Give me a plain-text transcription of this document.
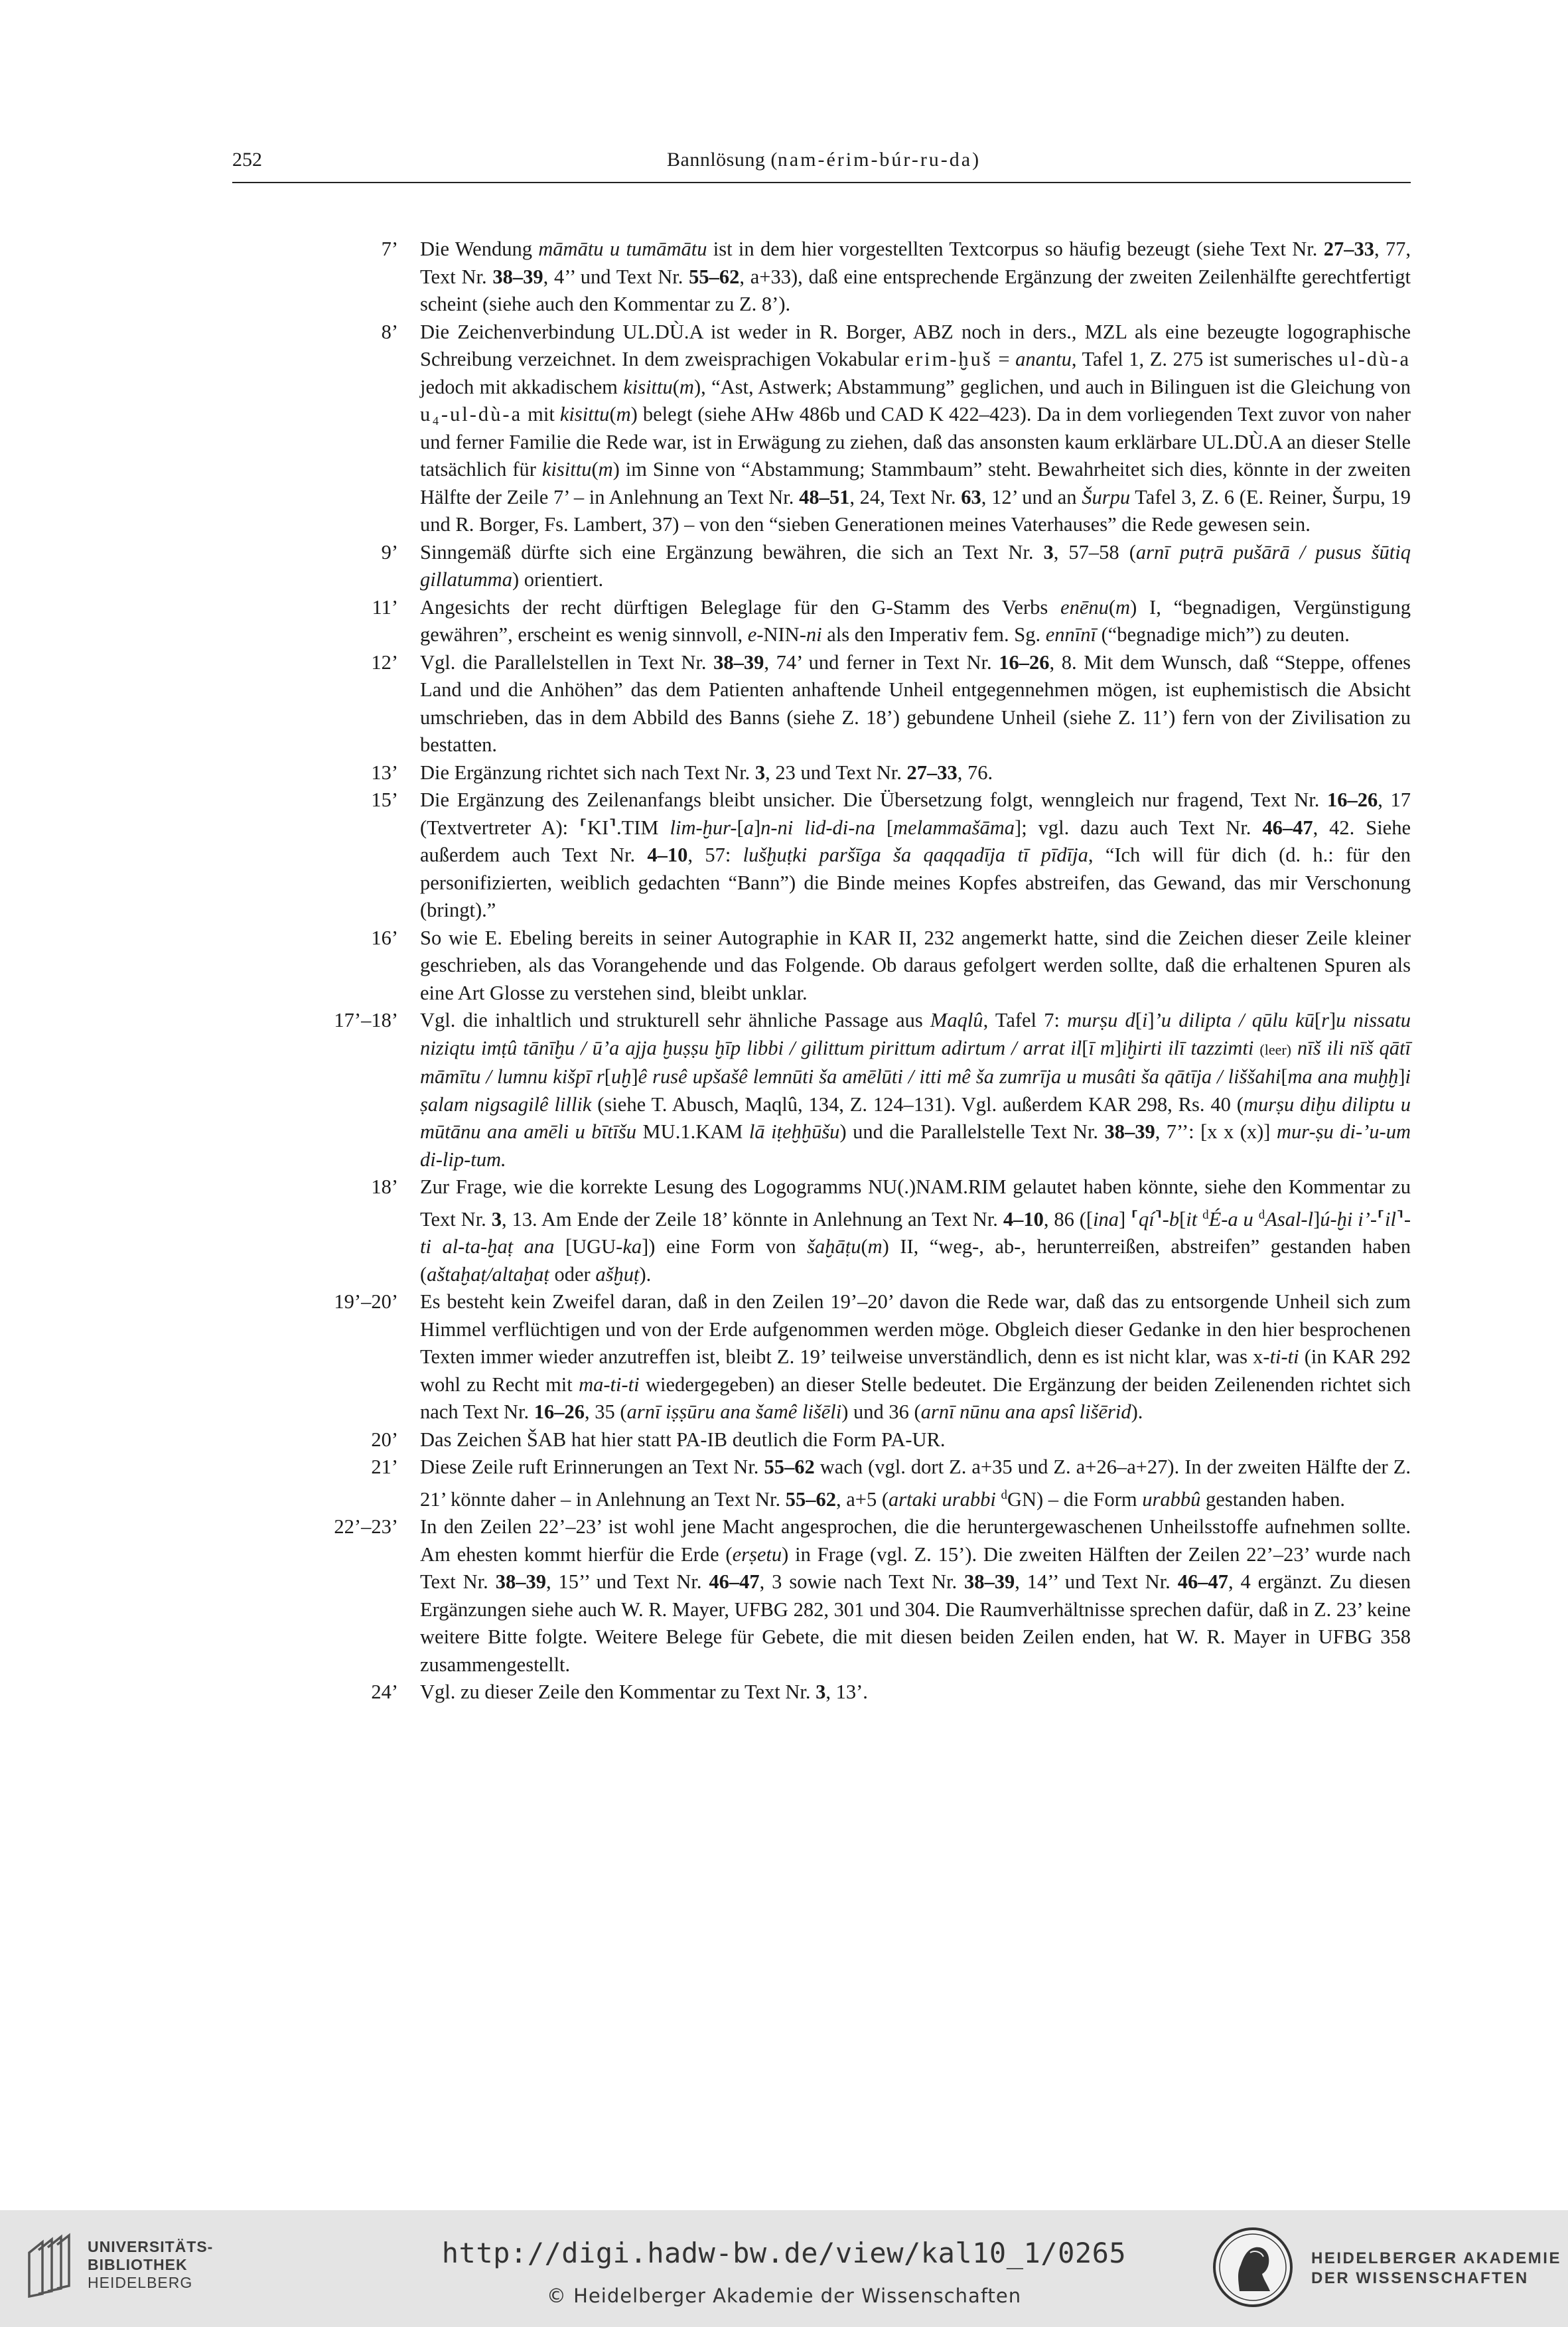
252	Bannlösung (nam-érim-búr-ru-da)
7’ Die Wendung māmātu u tumāmātu ist in dem hier vorgestellten Textcorpus so häufig bezeugt (siehe Text Nr. 27–33, 77, Text Nr. 38–39, 4’’ und Text Nr. 55–62, a+33), daß eine entsprechende Ergänzung der zweiten Zeilenhälfte gerechtfertigt scheint (siehe auch den Kommentar zu Z. 8’).
8’ Die Zeichenverbindung UL.DÙ.A ist weder in R. Borger, ABZ noch in ders., MZL als eine bezeugte logographische Schreibung verzeichnet. In dem zweisprachigen Vokabular erim-ḫuš = anantu, Tafel 1, Z. 275 ist sumerisches ul-dù-a jedoch mit akkadischem kisittu(m), “Ast, Astwerk; Abstammung” geglichen, und auch in Bilinguen ist die Gleichung von u₄-ul-dù-a mit kisittu(m) belegt (siehe AHw 486b und CAD K 422–423). Da in dem vorliegenden Text zuvor von naher und ferner Familie die Rede war, ist in Erwägung zu ziehen, daß das ansonsten kaum erklärbare UL.DÙ.A an dieser Stelle tatsächlich für kisittu(m) im Sinne von “Abstammung; Stammbaum” steht. Bewahrheitet sich dies, könnte in der zweiten Hälfte der Zeile 7’ – in Anlehnung an Text Nr. 48–51, 24, Text Nr. 63, 12’ und an Šurpu Tafel 3, Z. 6 (E. Reiner, Šurpu, 19 und R. Borger, Fs. Lambert, 37) – von den “sieben Generationen meines Vaterhauses” die Rede gewesen sein.
9’ Sinngemäß dürfte sich eine Ergänzung bewähren, die sich an Text Nr. 3, 57–58 (arnī puṭrā pušārā / pusus šūtiq gillatumma) orientiert.
11’ Angesichts der recht dürftigen Beleglage für den G-Stamm des Verbs enēnu(m) I, “begnadigen, Vergünstigung gewähren”, erscheint es wenig sinnvoll, e-NIN-ni als den Imperativ fem. Sg. ennīnī (“begnadige mich”) zu deuten.
12’ Vgl. die Parallelstellen in Text Nr. 38–39, 74’ und ferner in Text Nr. 16–26, 8. Mit dem Wunsch, daß “Steppe, offenes Land und die Anhöhen” das dem Patienten anhaftende Unheil entgegennehmen mögen, ist euphemistisch die Absicht umschrieben, das in dem Abbild des Banns (siehe Z. 18’) gebundene Unheil (siehe Z. 11’) fern von der Zivilisation zu bestatten.
13’ Die Ergänzung richtet sich nach Text Nr. 3, 23 und Text Nr. 27–33, 76.
15’ Die Ergänzung des Zeilenanfangs bleibt unsicher. Die Übersetzung folgt, wenngleich nur fragend, Text Nr. 16–26, 17 (Textvertreter A): ⸢KI⸣.TIM lim-ḫur-[a]n-ni lid-di-na [melammašāma]; vgl. dazu auch Text Nr. 46–47, 42. Siehe außerdem auch Text Nr. 4–10, 57: lušḫuṭki paršīga ša qaqqadīja tī pīdīja, “Ich will für dich (d. h.: für den personifizierten, weiblich gedachten “Bann”) die Binde meines Kopfes abstreifen, das Gewand, das mir Verschonung (bringt).”
16’ So wie E. Ebeling bereits in seiner Autographie in KAR II, 232 angemerkt hatte, sind die Zeichen dieser Zeile kleiner geschrieben, als das Vorangehende und das Folgende. Ob daraus gefolgert werden sollte, daß die erhaltenen Spuren als eine Art Glosse zu verstehen sind, bleibt unklar.
17’–18’ Vgl. die inhaltlich und strukturell sehr ähnliche Passage aus Maqlû, Tafel 7: murṣu d[i]’u dilipta / qūlu kū[r]u nissatu niziqtu imṭû tānīḫu / ū’a ajja ḫuṣṣu ḫīp libbi / gilittum pirittum adirtum / arrat il[ī m]iḫirti ilī tazzimti (leer) nīš ili nīš qātī māmītu / lumnu kišpī r[uḫ]ê rusê upšašê lemnūti ša amēlūti / itti mê ša zumrīja u musâti ša qātīja / liššahi[ma ana muḫḫ]i ṣalam nigsagilê lillik (siehe T. Abusch, Maqlû, 134, Z. 124–131). Vgl. außerdem KAR 298, Rs. 40 (murṣu diḫu diliptu u mūtānu ana amēli u bītīšu MU.1.KAM lā iṭeḫḫūšu) und die Parallelstelle Text Nr. 38–39, 7’’: [x x (x)] mur-ṣu di-’u-um di-lip-tum.
18’ Zur Frage, wie die korrekte Lesung des Logogramms NU(.)NAM.RIM gelautet haben könnte, siehe den Kommentar zu Text Nr. 3, 13. Am Ende der Zeile 18’ könnte in Anlehnung an Text Nr. 4–10, 86 ([ina] ⸢qí⸣-b[it $^d$É-a u $^d$Asal-l]ú-ḫi i’-⸢il⸣-ti al-ta-ḫaṭ ana [UGU-ka]) eine Form von šaḫāṭu(m) II, “weg-, ab-, herunterreißen, abstreifen” gestanden haben (aštaḫaṭ/altaḫaṭ oder ašḫuṭ).
19’–20’ Es besteht kein Zweifel daran, daß in den Zeilen 19’–20’ davon die Rede war, daß das zu entsorgende Unheil sich zum Himmel verflüchtigen und von der Erde aufgenommen werden möge. Obgleich dieser Gedanke in den hier besprochenen Texten immer wieder anzutreffen ist, bleibt Z. 19’ teilweise unverständlich, denn es ist nicht klar, was x-ti-ti (in KAR 292 wohl zu Recht mit ma-ti-ti wiedergegeben) an dieser Stelle bedeutet. Die Ergänzung der beiden Zeilenenden richtet sich nach Text Nr. 16–26, 35 (arnī iṣṣūru ana šamê lišēli) und 36 (arnī nūnu ana apsî lišērid).
20’ Das Zeichen ŠAB hat hier statt PA-IB deutlich die Form PA-UR.
21’ Diese Zeile ruft Erinnerungen an Text Nr. 55–62 wach (vgl. dort Z. a+35 und Z. a+26–a+27). In der zweiten Hälfte der Z. 21’ könnte daher – in Anlehnung an Text Nr. 55–62, a+5 (artaki urabbi $^d$GN) – die Form urabbû gestanden haben.
22’–23’ In den Zeilen 22’–23’ ist wohl jene Macht angesprochen, die die heruntergewaschenen Unheilsstoffe aufnehmen sollte. Am ehesten kommt hierfür die Erde (erṣetu) in Frage (vgl. Z. 15’). Die zweiten Hälften der Zeilen 22’–23’ wurde nach Text Nr. 38–39, 15’’ und Text Nr. 46–47, 3 sowie nach Text Nr. 38–39, 14’’ und Text Nr. 46–47, 4 ergänzt. Zu diesen Ergänzungen siehe auch W. R. Mayer, UFBG 282, 301 und 304. Die Raumverhältnisse sprechen dafür, daß in Z. 23’ keine weitere Bitte folgte. Weitere Belege für Gebete, die mit diesen beiden Zeilen enden, hat W. R. Mayer in UFBG 358 zusammengestellt.
24’ Vgl. zu dieser Zeile den Kommentar zu Text Nr. 3, 13’.
UNIVERSITÄTS-
BIBLIOTHEK
HEIDELBERG
http://digi.hadw-bw.de/view/kal10_1/0265
© Heidelberger Akademie der Wissenschaften
HEIDELBERGER AKADEMIE
DER WISSENSCHAFTEN
